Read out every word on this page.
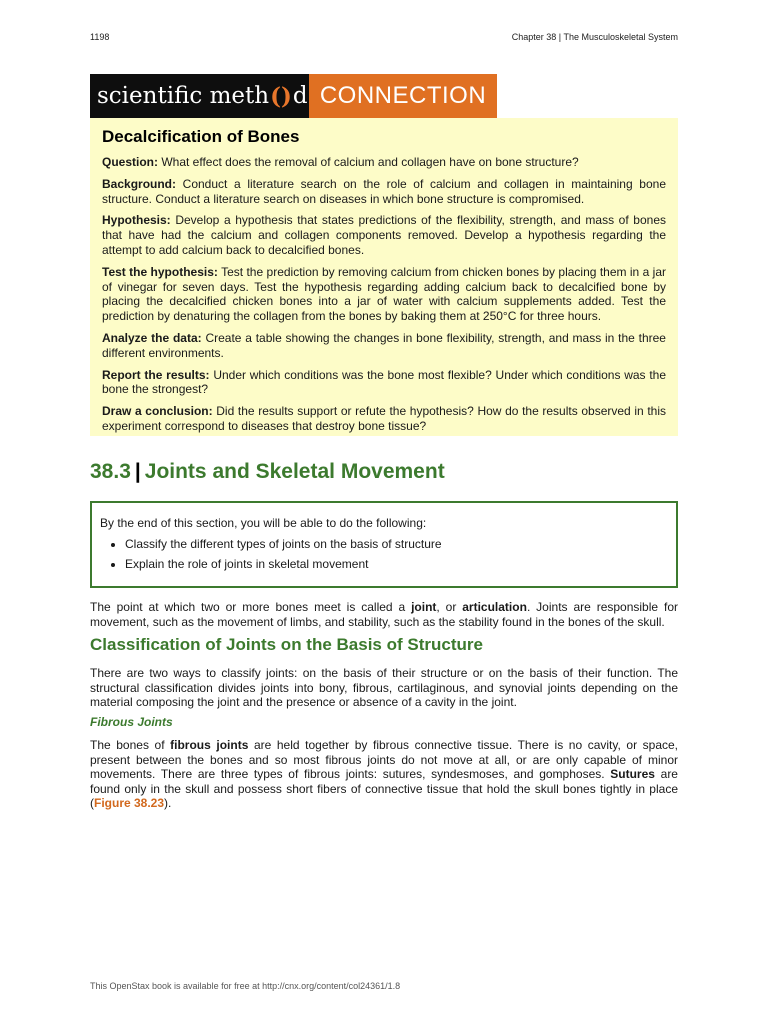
1198	Chapter 38 | The Musculoskeletal System
scientific meth () d CONNECTION
Decalcification of Bones

Question: What effect does the removal of calcium and collagen have on bone structure?

Background: Conduct a literature search on the role of calcium and collagen in maintaining bone structure. Conduct a literature search on diseases in which bone structure is compromised.

Hypothesis: Develop a hypothesis that states predictions of the flexibility, strength, and mass of bones that have had the calcium and collagen components removed. Develop a hypothesis regarding the attempt to add calcium back to decalcified bones.

Test the hypothesis: Test the prediction by removing calcium from chicken bones by placing them in a jar of vinegar for seven days. Test the hypothesis regarding adding calcium back to decalcified bone by placing the decalcified chicken bones into a jar of water with calcium supplements added. Test the prediction by denaturing the collagen from the bones by baking them at 250°C for three hours.

Analyze the data: Create a table showing the changes in bone flexibility, strength, and mass in the three different environments.

Report the results: Under which conditions was the bone most flexible? Under which conditions was the bone the strongest?

Draw a conclusion: Did the results support or refute the hypothesis? How do the results observed in this experiment correspond to diseases that destroy bone tissue?

38.3 | Joints and Skeletal Movement

By the end of this section, you will be able to do the following:

• Classify the different types of joints on the basis of structure
• Explain the role of joints in skeletal movement

The point at which two or more bones meet is called a joint, or articulation. Joints are responsible for movement, such as the movement of limbs, and stability, such as the stability found in the bones of the skull.

Classification of Joints on the Basis of Structure

There are two ways to classify joints: on the basis of their structure or on the basis of their function. The structural classification divides joints into bony, fibrous, cartilaginous, and synovial joints depending on the material composing the joint and the presence or absence of a cavity in the joint.

Fibrous Joints

The bones of fibrous joints are held together by fibrous connective tissue. There is no cavity, or space, present between the bones and so most fibrous joints do not move at all, or are only capable of minor movements. There are three types of fibrous joints: sutures, syndesmoses, and gomphoses. Sutures are found only in the skull and possess short fibers of connective tissue that hold the skull bones tightly in place (Figure 38.23).

This OpenStax book is available for free at http://cnx.org/content/col24361/1.8
